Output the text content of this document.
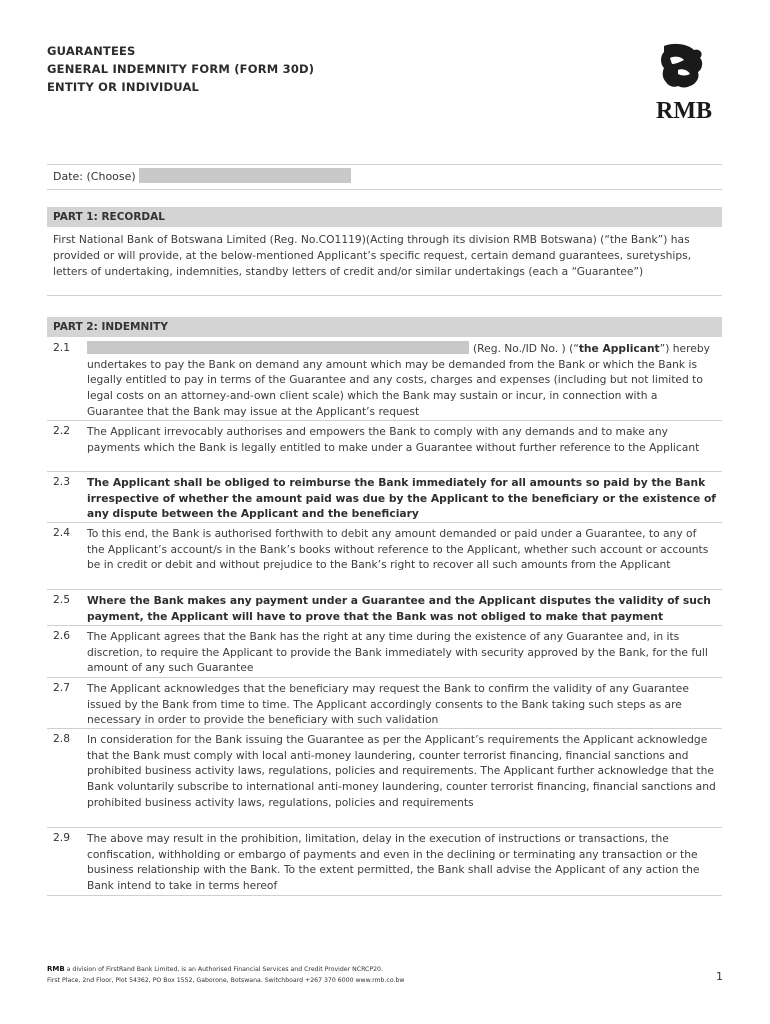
GUARANTEES
GENERAL INDEMNITY FORM (FORM 30D)
ENTITY OR INDIVIDUAL
RMB
Date: (Choose)
PART 1: RECORDAL
First National Bank of Botswana Limited (Reg. No.CO1119)(Acting through its division RMB Botswana) (“the Bank”) has provided or will provide, at the below-mentioned Applicant’s specific request, certain demand guarantees, suretyships, letters of undertaking, indemnities, standby letters of credit and/or similar undertakings (each a “Guarantee”)
PART 2: INDEMNITY
2.1	(Reg. No./ID No. ) (“the Applicant”) hereby undertakes to pay the Bank on demand any amount which may be demanded from the Bank or which the Bank is legally entitled to pay in terms of the Guarantee and any costs, charges and expenses (including but not limited to legal costs on an attorney-and-own client scale) which the Bank may sustain or incur, in connection with a Guarantee that the Bank may issue at the Applicant’s request
2.2 The Applicant irrevocably authorises and empowers the Bank to comply with any demands and to make any payments which the Bank is legally entitled to make under a Guarantee without further reference to the Applicant
2.3 The Applicant shall be obliged to reimburse the Bank immediately for all amounts so paid by the Bank irrespective of whether the amount paid was due by the Applicant to the beneficiary or the existence of any dispute between the Applicant and the beneficiary
2.4 To this end, the Bank is authorised forthwith to debit any amount demanded or paid under a Guarantee, to any of the Applicant’s account/s in the Bank’s books without reference to the Applicant, whether such account or accounts be in credit or debit and without prejudice to the Bank’s right to recover all such amounts from the Applicant
2.5 Where the Bank makes any payment under a Guarantee and the Applicant disputes the validity of such payment, the Applicant will have to prove that the Bank was not obliged to make that payment
2.6 The Applicant agrees that the Bank has the right at any time during the existence of any Guarantee and, in its discretion, to require the Applicant to provide the Bank immediately with security approved by the Bank, for the full amount of any such Guarantee
2.7 The Applicant acknowledges that the beneficiary may request the Bank to confirm the validity of any Guarantee issued by the Bank from time to time. The Applicant accordingly consents to the Bank taking such steps as are necessary in order to provide the beneficiary with such validation
2.8 In consideration for the Bank issuing the Guarantee as per the Applicant’s requirements the Applicant acknowledge that the Bank must comply with local anti-money laundering, counter terrorist financing, financial sanctions and prohibited business activity laws, regulations, policies and requirements. The Applicant further acknowledge that the Bank voluntarily subscribe to international anti-money laundering, counter terrorist financing, financial sanctions and prohibited business activity laws, regulations, policies and requirements
2.9 The above may result in the prohibition, limitation, delay in the execution of instructions or transactions, the confiscation, withholding or embargo of payments and even in the declining or terminating any transaction or the business relationship with the Bank. To the extent permitted, the Bank shall advise the Applicant of any action the Bank intend to take in terms hereof
RMB a division of FirstRand Bank Limited, is an Authorised Financial Services and Credit Provider NCRCP20.
First Place, 2nd Floor, Plot 54362, PO Box 1552, Gaborone, Botswana. Switchboard +267 370 6000 www.rmb.co.bw	1
